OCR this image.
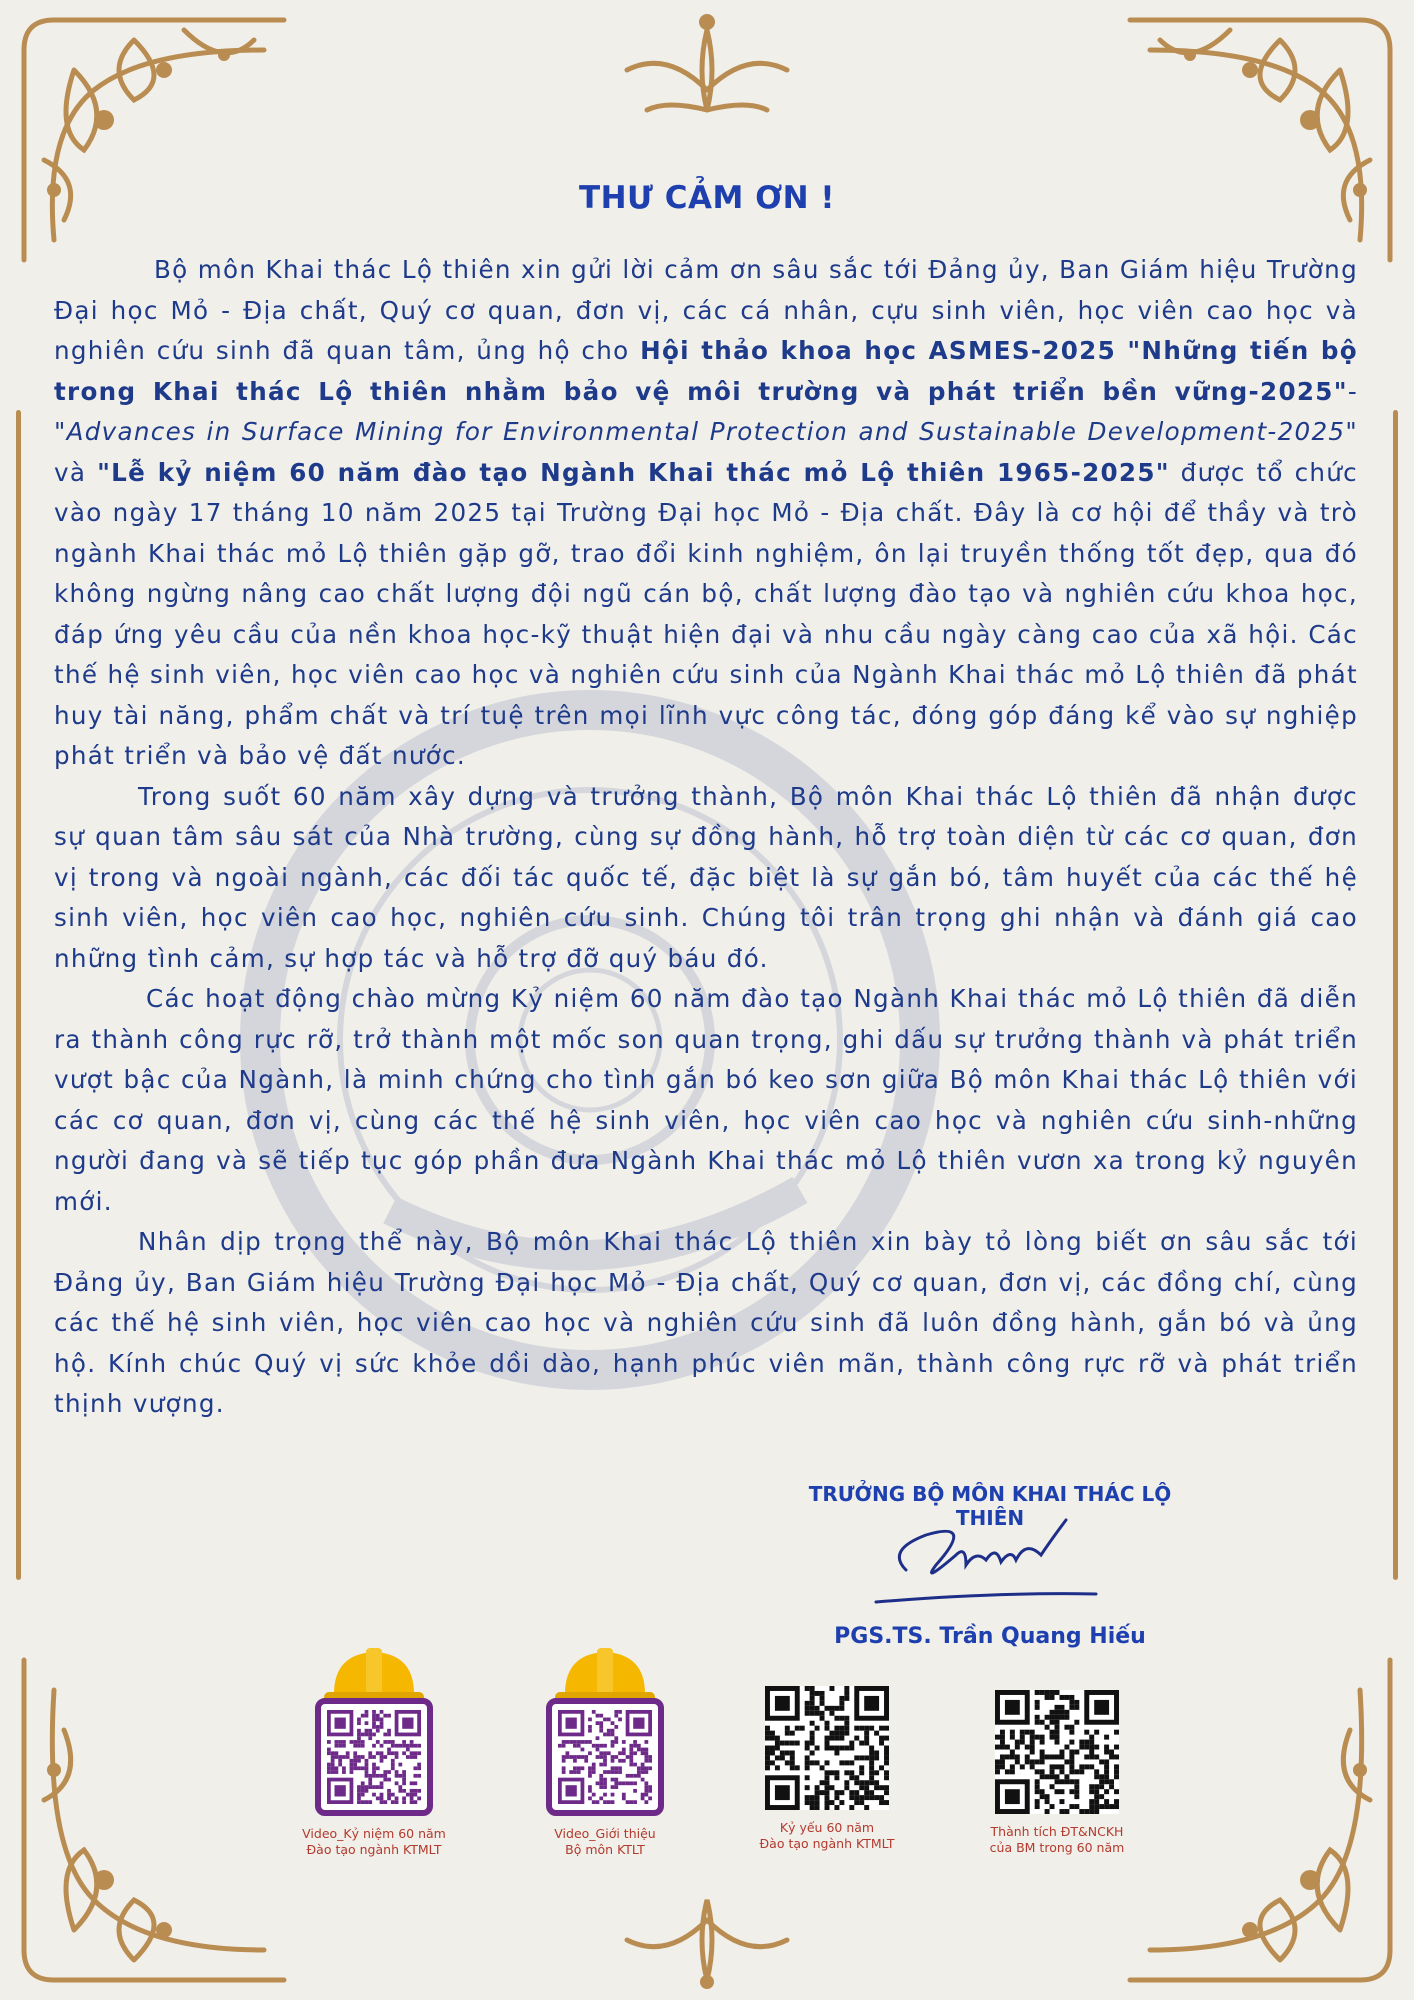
THƯ CẢM ƠN !

Bộ môn Khai thác Lộ thiên xin gửi lời cảm ơn sâu sắc tới Đảng ủy, Ban Giám hiệu Trường Đại học Mỏ - Địa chất, Quý cơ quan, đơn vị, các cá nhân, cựu sinh viên, học viên cao học và nghiên cứu sinh đã quan tâm, ủng hộ cho Hội thảo khoa học ASMES-2025 "Những tiến bộ trong Khai thác Lộ thiên nhằm bảo vệ môi trường và phát triển bền vững-2025"-"Advances in Surface Mining for Environmental Protection and Sustainable Development-2025" và "Lễ kỷ niệm 60 năm đào tạo Ngành Khai thác mỏ Lộ thiên 1965-2025" được tổ chức vào ngày 17 tháng 10 năm 2025 tại Trường Đại học Mỏ - Địa chất. Đây là cơ hội để thầy và trò ngành Khai thác mỏ Lộ thiên gặp gỡ, trao đổi kinh nghiệm, ôn lại truyền thống tốt đẹp, qua đó không ngừng nâng cao chất lượng đội ngũ cán bộ, chất lượng đào tạo và nghiên cứu khoa học, đáp ứng yêu cầu của nền khoa học-kỹ thuật hiện đại và nhu cầu ngày càng cao của xã hội. Các thế hệ sinh viên, học viên cao học và nghiên cứu sinh của Ngành Khai thác mỏ Lộ thiên đã phát huy tài năng, phẩm chất và trí tuệ trên mọi lĩnh vực công tác, đóng góp đáng kể vào sự nghiệp phát triển và bảo vệ đất nước.

Trong suốt 60 năm xây dựng và trưởng thành, Bộ môn Khai thác Lộ thiên đã nhận được sự quan tâm sâu sát của Nhà trường, cùng sự đồng hành, hỗ trợ toàn diện từ các cơ quan, đơn vị trong và ngoài ngành, các đối tác quốc tế, đặc biệt là sự gắn bó, tâm huyết của các thế hệ sinh viên, học viên cao học, nghiên cứu sinh. Chúng tôi trân trọng ghi nhận và đánh giá cao những tình cảm, sự hợp tác và hỗ trợ đỡ quý báu đó.

Các hoạt động chào mừng Kỷ niệm 60 năm đào tạo Ngành Khai thác mỏ Lộ thiên đã diễn ra thành công rực rỡ, trở thành một mốc son quan trọng, ghi dấu sự trưởng thành và phát triển vượt bậc của Ngành, là minh chứng cho tình gắn bó keo sơn giữa Bộ môn Khai thác Lộ thiên với các cơ quan, đơn vị, cùng các thế hệ sinh viên, học viên cao học và nghiên cứu sinh-những người đang và sẽ tiếp tục góp phần đưa Ngành Khai thác mỏ Lộ thiên vươn xa trong kỷ nguyên mới.

Nhân dịp trọng thể này, Bộ môn Khai thác Lộ thiên xin bày tỏ lòng biết ơn sâu sắc tới Đảng ủy, Ban Giám hiệu Trường Đại học Mỏ - Địa chất, Quý cơ quan, đơn vị, các đồng chí, cùng các thế hệ sinh viên, học viên cao học và nghiên cứu sinh đã luôn đồng hành, gắn bó và ủng hộ. Kính chúc Quý vị sức khỏe dồi dào, hạnh phúc viên mãn, thành công rực rỡ và phát triển thịnh vượng.

TRƯỞNG BỘ MÔN KHAI THÁC LỘ THIÊN
PGS.TS. Trần Quang Hiếu
Video_Kỷ niệm 60 năm
Đào tạo ngành KTMLT
Video_Giới thiệu
Bộ môn KTLT
Kỷ yếu 60 năm
Đào tạo ngành KTMLT
Thành tích ĐT&NCKH
của BM trong 60 năm
